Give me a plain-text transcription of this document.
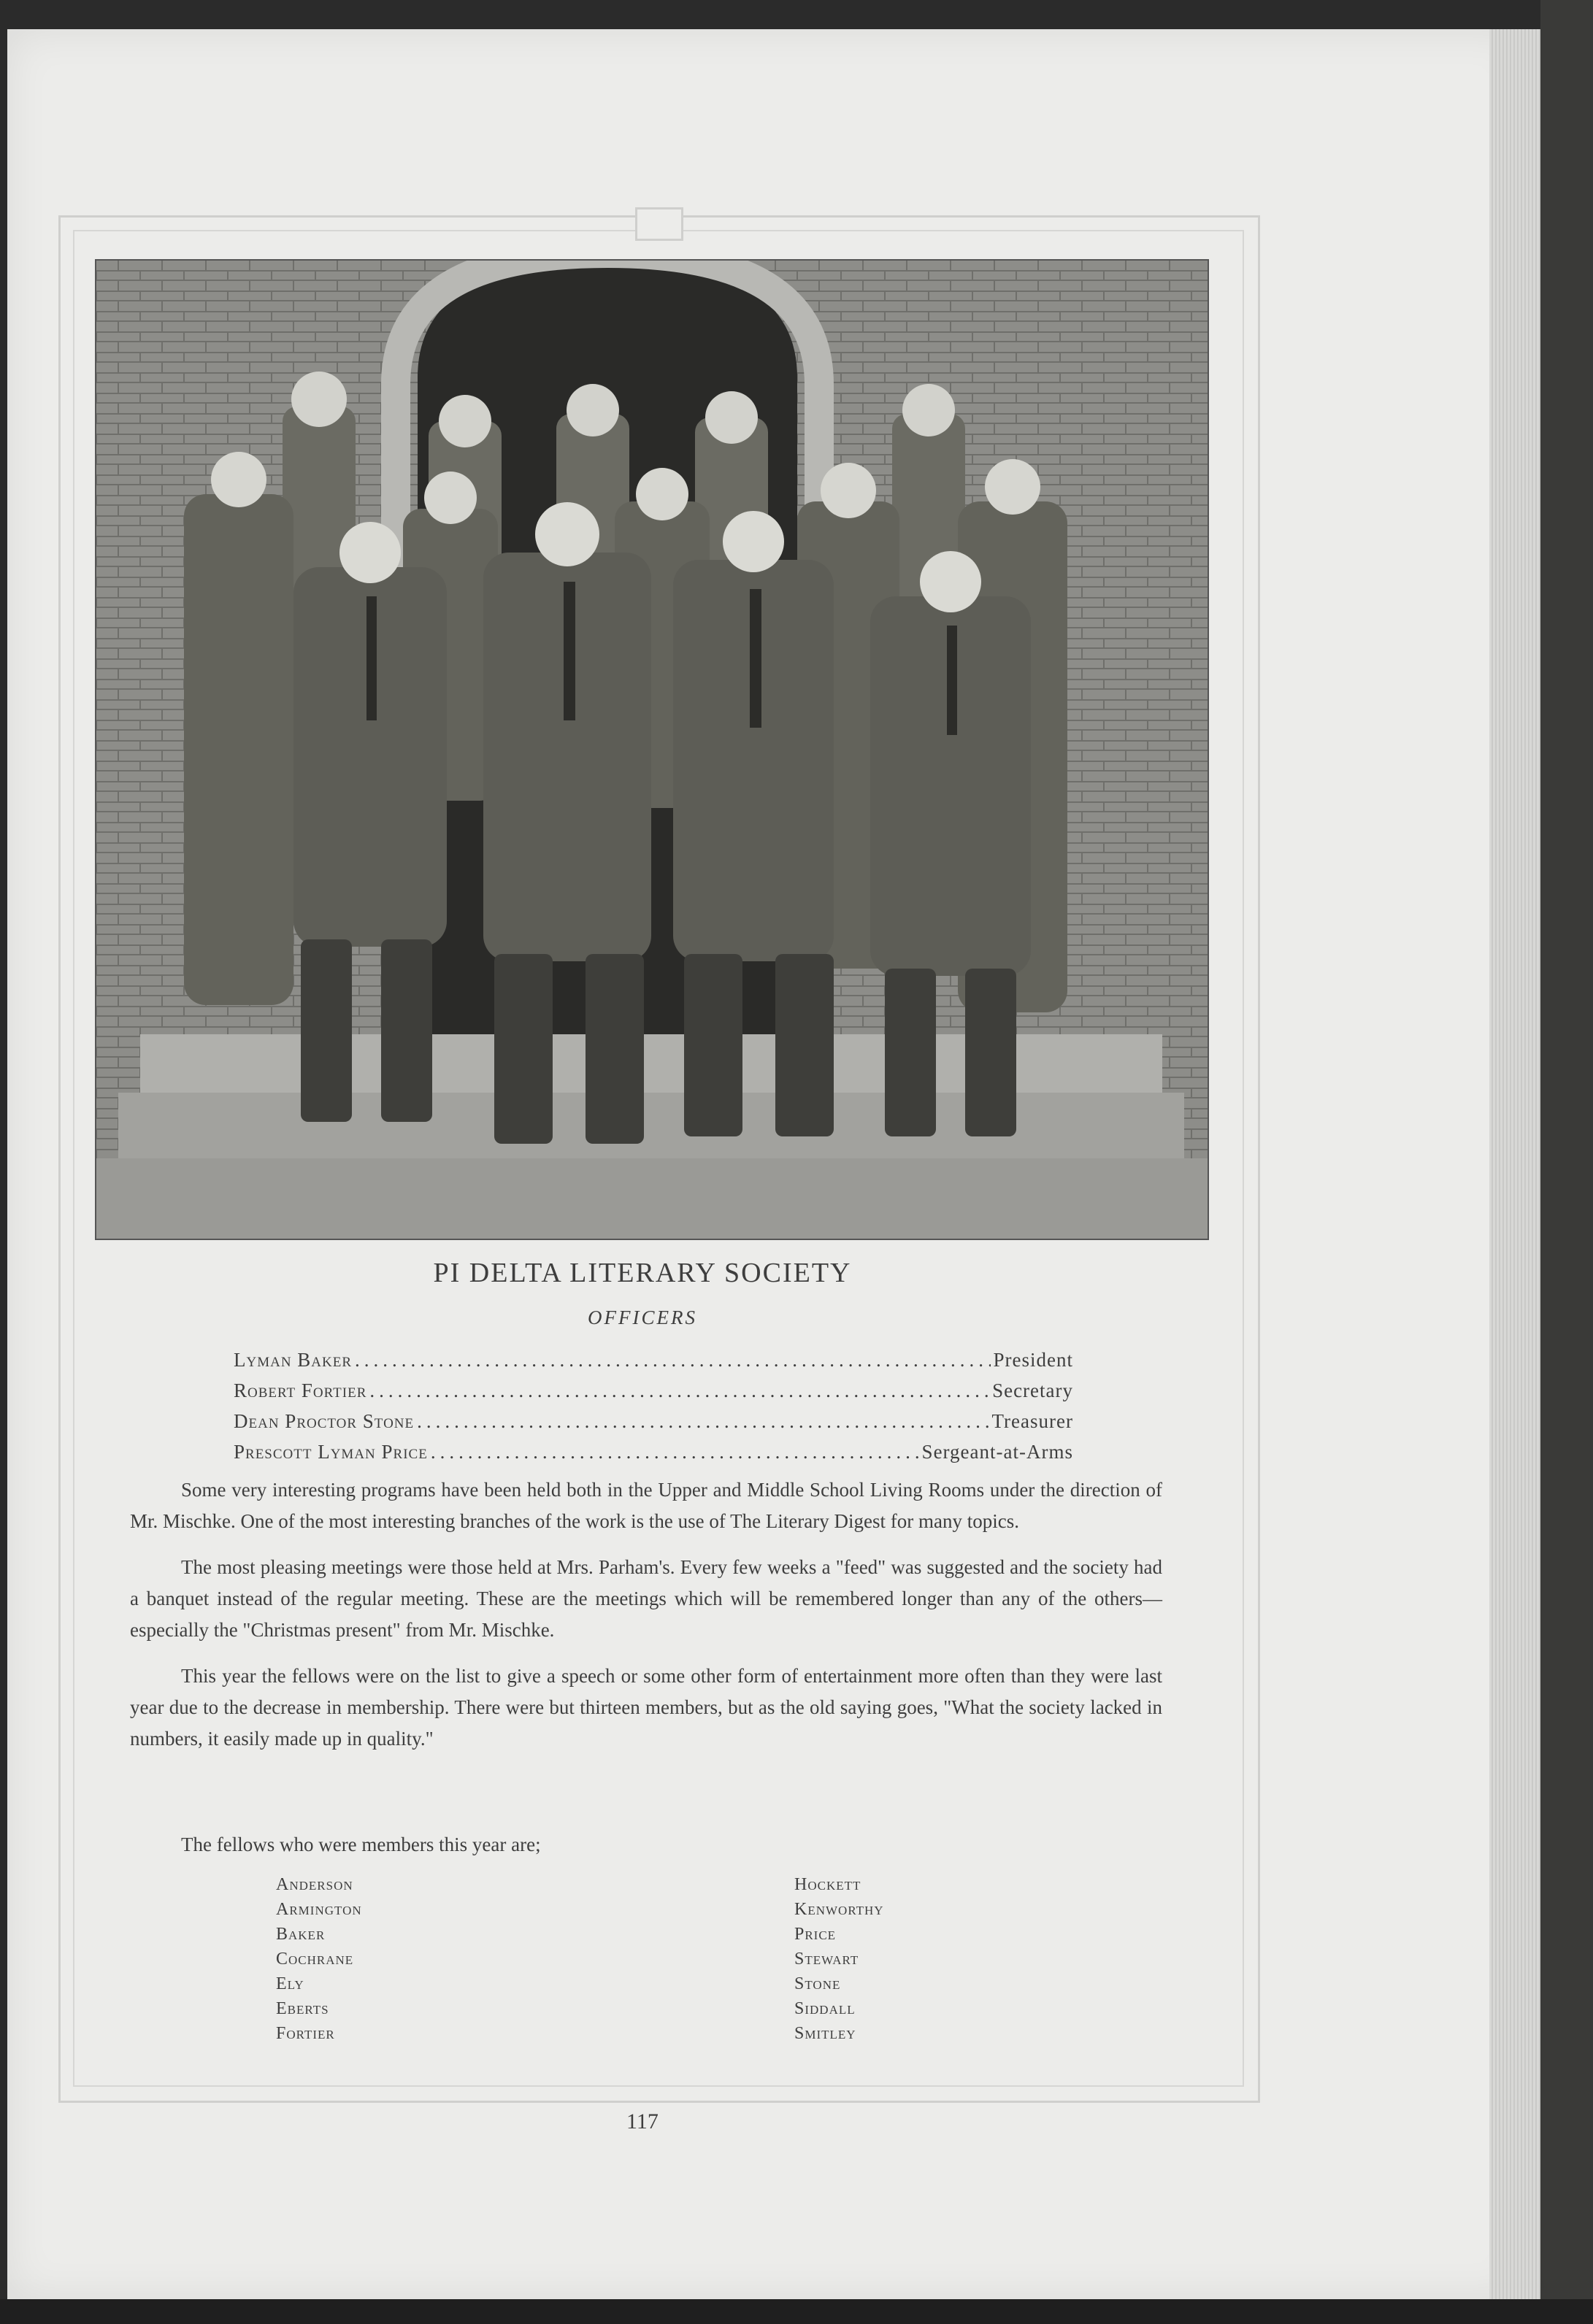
PI DELTA LITERARY SOCIETY
OFFICERS
Lyman Baker .....	President
Robert Fortier .....	Secretary
Dean Proctor Stone .....	Treasurer
Prescott Lyman Price .....	Sergeant-at-Arms

Some very interesting programs have been held both in the Upper and Middle School Living Rooms under the direction of Mr. Mischke. One of the most interesting branches of the work is the use of The Literary Digest for many topics.

The most pleasing meetings were those held at Mrs. Parham's. Every few weeks a "feed" was suggested and the society had a banquet instead of the regular meeting. These are the meetings which will be remembered longer than any of the others—especially the "Christmas present" from Mr. Mischke.

This year the fellows were on the list to give a speech or some other form of entertainment more often than they were last year due to the decrease in membership. There were but thirteen members, but as the old saying goes, "What the society lacked in numbers, it easily made up in quality."

The fellows who were members this year are;
Anderson
Armington
Baker
Cochrane
Ely
Eberts
Fortier
Hockett
Kenworthy
Price
Stewart
Stone
Siddall
Smitley
117
